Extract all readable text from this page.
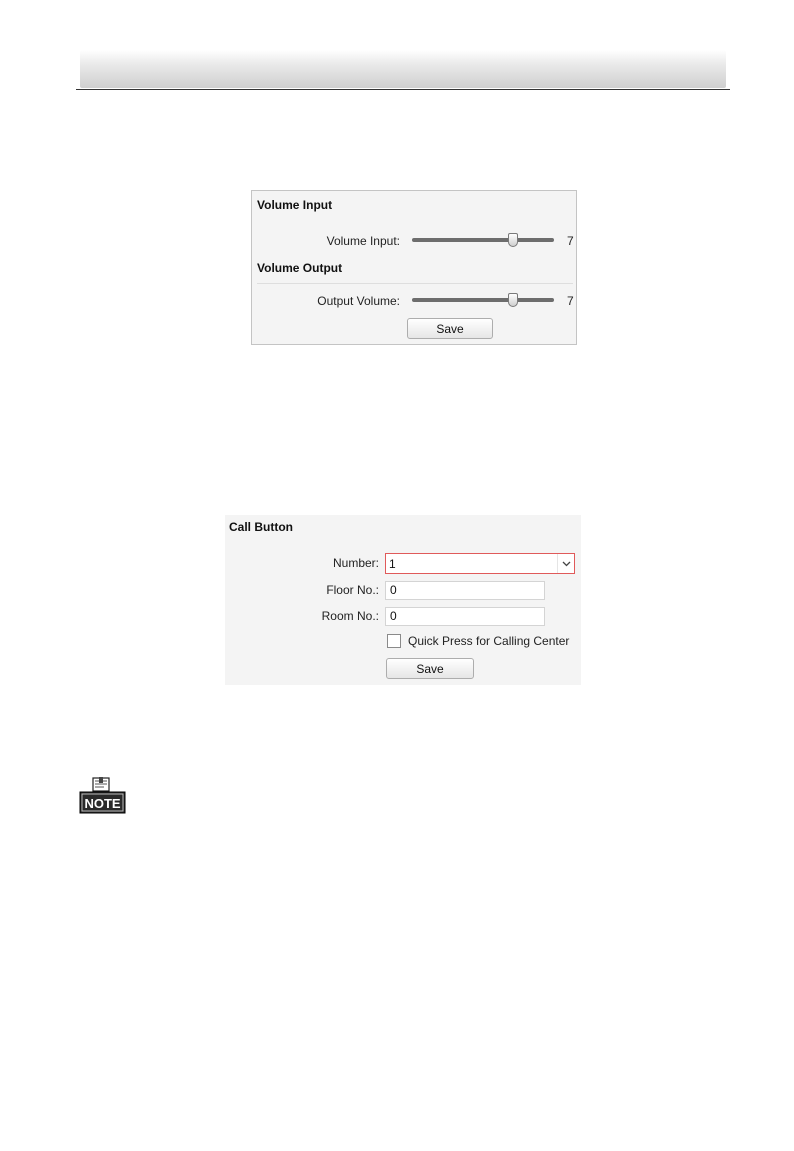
Volume Input
Volume Input:	7
Volume Output
Output Volume:	7
Save
Call Button
Number: 1
Floor No.: 0
Room No.: 0
Quick Press for Calling Center
Save
NOTE
